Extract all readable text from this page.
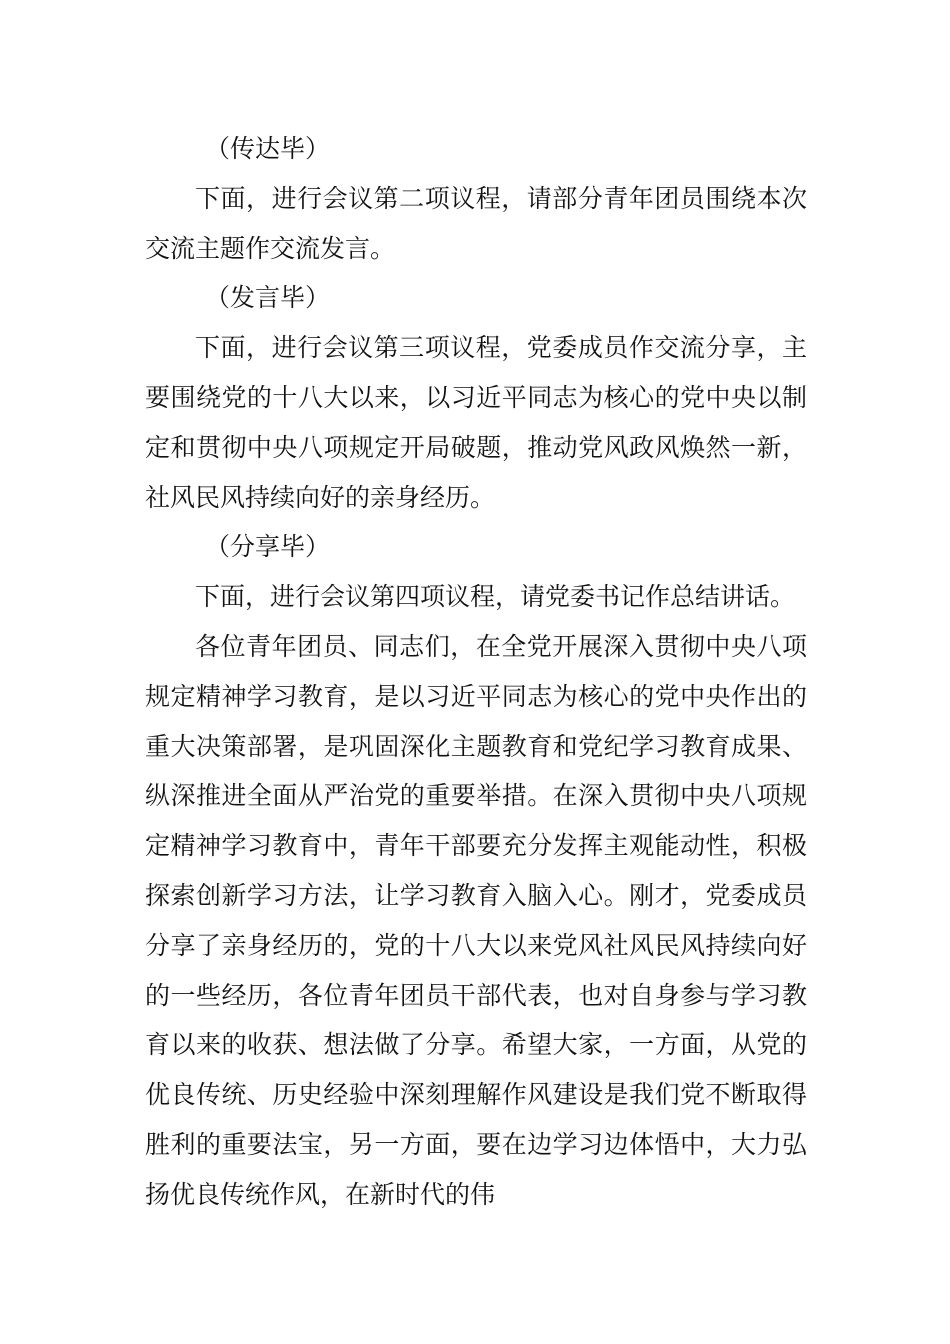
（传达毕）

下面，进行会议第二项议程，请部分青年团员围绕本次交流主题作交流发言。

（发言毕）

下面，进行会议第三项议程，党委成员作交流分享，主要围绕党的十八大以来，以习近平同志为核心的党中央以制定和贯彻中央八项规定开局破题，推动党风政风焕然一新，社风民风持续向好的亲身经历。

（分享毕）

下面，进行会议第四项议程，请党委书记作总结讲话。

各位青年团员、同志们，在全党开展深入贯彻中央八项规定精神学习教育，是以习近平同志为核心的党中央作出的重大决策部署，是巩固深化主题教育和党纪学习教育成果、纵深推进全面从严治党的重要举措。在深入贯彻中央八项规定精神学习教育中，青年干部要充分发挥主观能动性，积极探索创新学习方法，让学习教育入脑入心。刚才，党委成员分享了亲身经历的，党的十八大以来党风社风民风持续向好的一些经历，各位青年团员干部代表，也对自身参与学习教育以来的收获、想法做了分享。希望大家，一方面，从党的优良传统、历史经验中深刻理解作风建设是我们党不断取得胜利的重要法宝，另一方面，要在边学习边体悟中，大力弘扬优良传统作风，在新时代的伟
